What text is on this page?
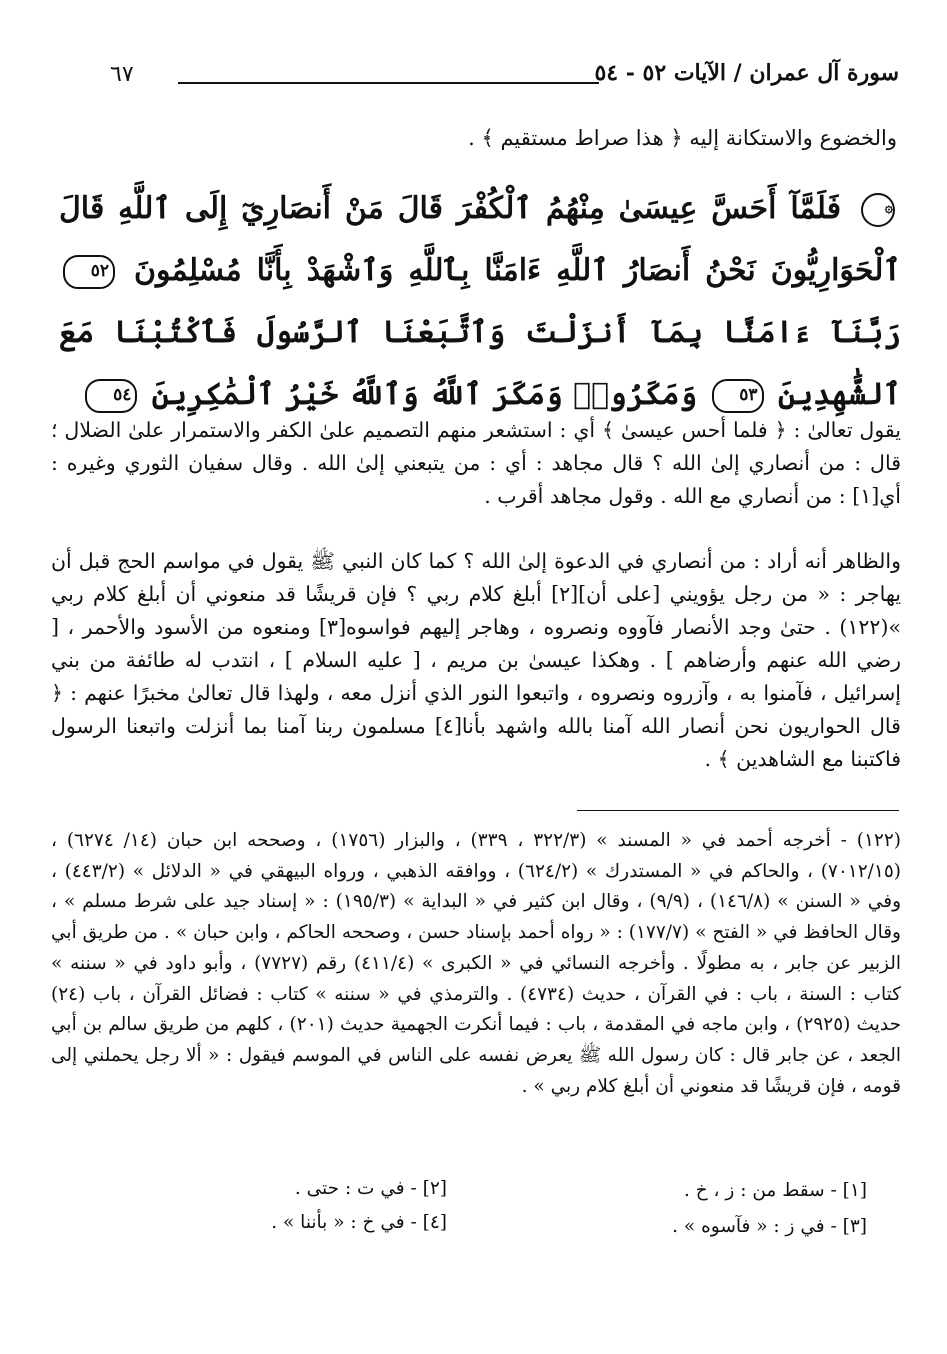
٦٧	سورة آل عمران / الآيات ٥٢ - ٥٤
والخضوع والاستكانة إليه ﴿ هذا صراط مستقيم ﴾ .
۞ فَلَمَّآ أَحَسَّ عِيسَىٰ مِنْهُمُ ٱلْكُفْرَ قَالَ مَنْ أَنصَارِيٓ إِلَى ٱللَّهِ قَالَ ٱلْحَوَارِيُّونَ نَحْنُ أَنصَارُ ٱللَّهِ ءَامَنَّا بِٱللَّهِ وَٱشْهَدْ بِأَنَّا مُسْلِمُونَ ٥٢ رَبَّنَآ ءَامَنَّا بِمَآ أَنزَلْتَ وَٱتَّبَعْنَا ٱلرَّسُولَ فَٱكْتُبْنَا مَعَ ٱلشَّٰهِدِينَ ٥٣ وَمَكَرُوا۟ وَمَكَرَ ٱللَّهُ وَٱللَّهُ خَيْرُ ٱلْمَٰكِرِينَ ٥٤

يقول تعالىٰ : ﴿ فلما أحس عيسىٰ ﴾ أي : استشعر منهم التصميم علىٰ الكفر والاستمرار علىٰ الضلال ؛ قال : من أنصاري إلىٰ الله ؟ قال مجاهد : أي : من يتبعني إلىٰ الله . وقال سفيان الثوري وغيره : أي[١] : من أنصاري مع الله . وقول مجاهد أقرب .

والظاهر أنه أراد : من أنصاري في الدعوة إلىٰ الله ؟ كما كان النبي ﷺ يقول في مواسم الحج قبل أن يهاجر : « من رجل يؤويني [على أن][٢] أبلغ كلام ربي ؟ فإن قريشًا قد منعوني أن أبلغ كلام ربي »(١٢٢) . حتىٰ وجد الأنصار فآووه ونصروه ، وهاجر إليهم فواسوه[٣] ومنعوه من الأسود والأحمر ، [ رضي الله عنهم وأرضاهم ] . وهكذا عيسىٰ بن مريم ، [ عليه السلام ] ، انتدب له طائفة من بني إسرائيل ، فآمنوا به ، وآزروه ونصروه ، واتبعوا النور الذي أنزل معه ، ولهذا قال تعالىٰ مخبرًا عنهم : ﴿ قال الحواريون نحن أنصار الله آمنا بالله واشهد بأنا[٤] مسلمون ربنا آمنا بما أنزلت واتبعنا الرسول فاكتبنا مع الشاهدين ﴾ .

(١٢٢) - أخرجه أحمد في « المسند » (٣٢٢/٣ ، ٣٣٩) ، والبزار (١٧٥٦) ، وصححه ابن حبان (١٤/ ٦٢٧٤) ، (٧٠١٢/١٥) ، والحاكم في « المستدرك » (٦٢٤/٢) ، ووافقه الذهبي ، ورواه البيهقي في « الدلائل » (٤٤٣/٢) ، وفي « السنن » (١٤٦/٨) ، (٩/٩) ، وقال ابن كثير في « البداية » (١٩٥/٣) : « إسناد جيد على شرط مسلم » ، وقال الحافظ في « الفتح » (١٧٧/٧) : « رواه أحمد بإسناد حسن ، وصححه الحاكم ، وابن حبان » . من طريق أبي الزبير عن جابر ، به مطولًا . وأخرجه النسائي في « الكبرى » (٤١١/٤) رقم (٧٧٢٧) ، وأبو داود في « سننه » كتاب : السنة ، باب : في القرآن ، حديث (٤٧٣٤) . والترمذي في « سننه » كتاب : فضائل القرآن ، باب (٢٤) حديث (٢٩٢٥) ، وابن ماجه في المقدمة ، باب : فيما أنكرت الجهمية حديث (٢٠١) ، كلهم من طريق سالم بن أبي الجعد ، عن جابر قال : كان رسول الله ﷺ يعرض نفسه على الناس في الموسم فيقول : « ألا رجل يحملني إلى قومه ، فإن قريشًا قد منعوني أن أبلغ كلام ربي » .

[١] - سقط من : ز ، خ .
[٢] - في ت : حتى .
[٣] - في ز : « فآسوه » .
[٤] - في خ : « بأننا » .
